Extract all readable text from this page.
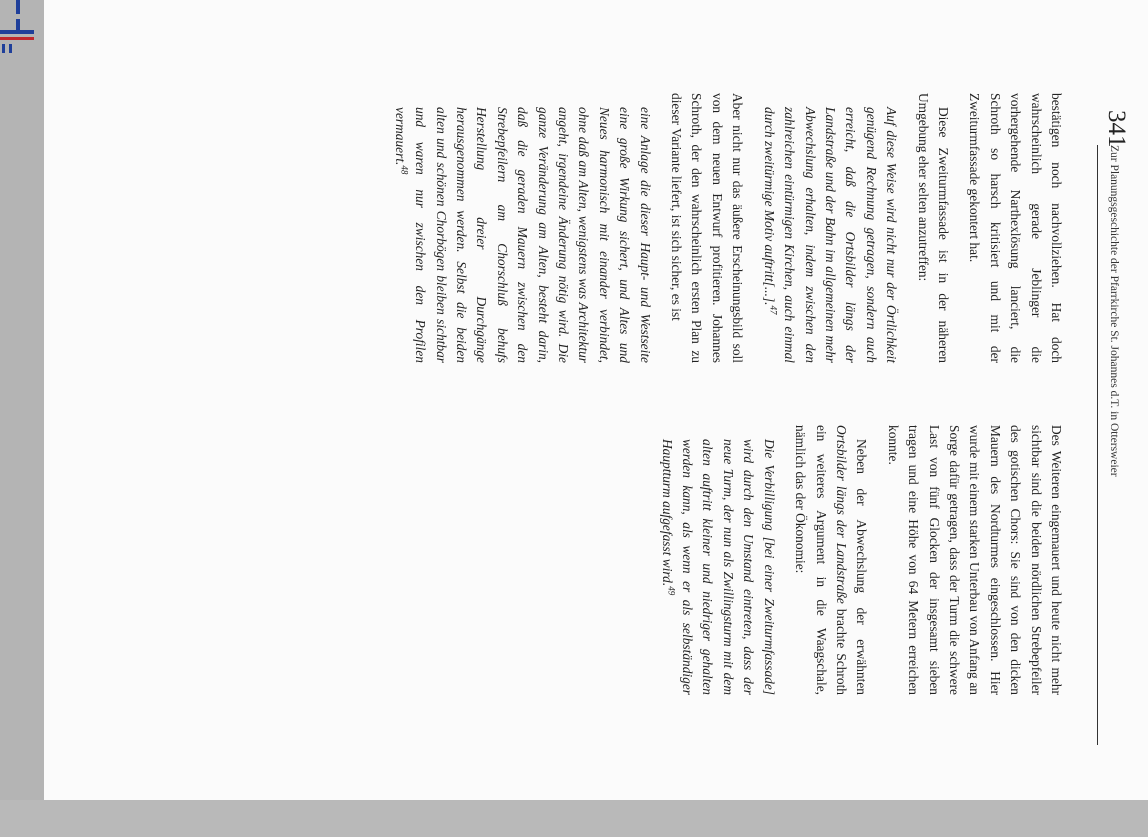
341
Zur Planungsgeschichte der Pfarrkirche St. Johannes d.T. in Ottersweier

bestätigen noch nachvollziehen. Hat doch wahrscheinlich gerade Jeblinger die vorhergehende Narthexlösung lanciert, die Schroth so harsch kritisiert und mit der Zweiturmfassade gekontert hat.

Diese Zweiturmfassade ist in der näheren Umgebung eher selten anzutreffen:

Auf diese Weise wird nicht nur der Örtlichkeit genügend Rechnung getragen, sondern auch erreicht, daß die Ortsbilder längs der Landstraße und der Bahn im allgemeinen mehr Abwechslung erhalten, indem zwischen den zahlreichen eintürmigen Kirchen, auch einmal durch zweitürmige Motiv auftritt[...].$^{47}$

Aber nicht nur das äußere Erscheinungsbild soll von dem neuen Entwurf profitieren. Johannes Schroth, der den wahrscheinlich ersten Plan zu dieser Variante liefert, ist sich sicher, es ist

eine Anlage die dieser Haupt- und Westseite eine große Wirkung sichert, und Altes und Neues harmonisch mit einander verbindet, ohne daß am Alten, wenigstens was Architektur angeht, irgendeine Änderung nötig wird. Die ganze Veränderung am Alten, besteht darin, daß die geraden Mauern zwischen den Strebepfeilern am Chorschluß behufs Herstellung dreier Durchgänge herausgenommen werden. Selbst die beiden alten und schönen Chorbögen bleiben sichtbar und waren nur zwischen den Profilen vermauert.$^{48}$

Des Weiteren eingemauert und heute nicht mehr sichtbar sind die beiden nördlichen Strebepfeiler des gotischen Chors: Sie sind von den dicken Mauern des Nordturmes eingeschlossen. Hier wurde mit einem starken Unterbau von Anfang an Sorge dafür getragen, dass der Turm die schwere Last von fünf Glocken der insgesamt sieben tragen und eine Höhe von 64 Metern erreichen konnte.

Neben der Abwechslung der erwähnten Ortsbilder längs der Landstraße brachte Schroth ein weiteres Argument in die Waagschale, nämlich das der Ökonomie:

Die Verbilligung [bei einer Zweiturmfassade] wird durch den Umstand eintreten, dass der neue Turm, der nun als Zwillingsturm mit dem alten auftritt kleiner und niedriger gehalten werden kann, als wenn er als selbständiger Hauptturm aufgefasst wird.$^{49}$
